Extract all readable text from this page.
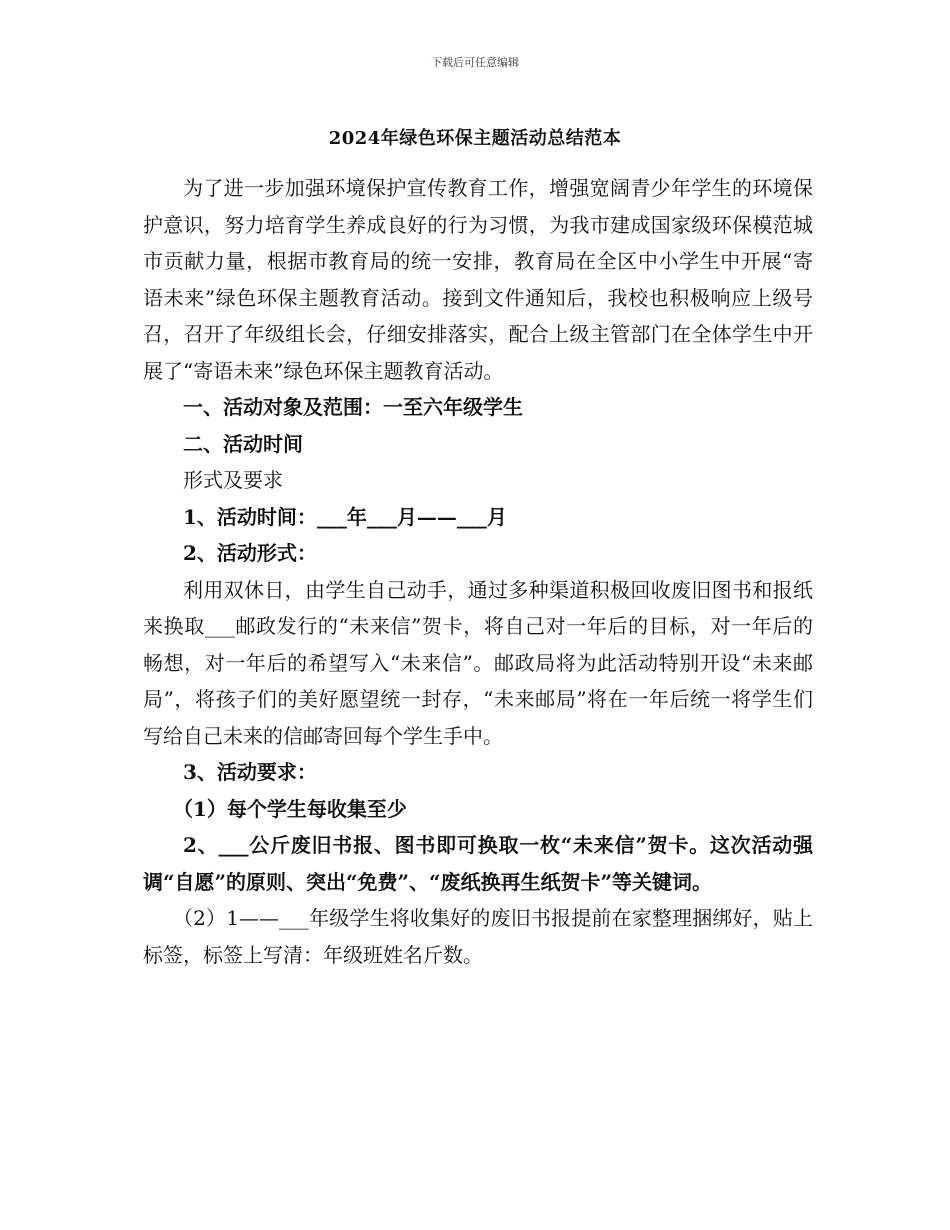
下载后可任意编辑
2024年绿色环保主题活动总结范本

为了进一步加强环境保护宣传教育工作，增强宽阔青少年学生的环境保护意识，努力培育学生养成良好的行为习惯，为我市建成国家级环保模范城市贡献力量，根据市教育局的统一安排，教育局在全区中小学生中开展“寄语未来”绿色环保主题教育活动。接到文件通知后，我校也积极响应上级号召，召开了年级组长会，仔细安排落实，配合上级主管部门在全体学生中开展了“寄语未来”绿色环保主题教育活动。

一、活动对象及范围：一至六年级学生

二、活动时间

形式及要求

1、活动时间：___年___月——___月

2、活动形式：

利用双休日，由学生自己动手，通过多种渠道积极回收废旧图书和报纸来换取___邮政发行的“未来信”贺卡，将自己对一年后的目标，对一年后的畅想，对一年后的希望写入“未来信”。邮政局将为此活动特别开设“未来邮局”，将孩子们的美好愿望统一封存，“未来邮局”将在一年后统一将学生们写给自己未来的信邮寄回每个学生手中。

3、活动要求：

（1）每个学生每收集至少

2、___公斤废旧书报、图书即可换取一枚“未来信”贺卡。这次活动强调“自愿”的原则、突出“免费”、“废纸换再生纸贺卡”等关键词。

（2）1——___年级学生将收集好的废旧书报提前在家整理捆绑好，贴上标签，标签上写清：年级班姓名斤数。
